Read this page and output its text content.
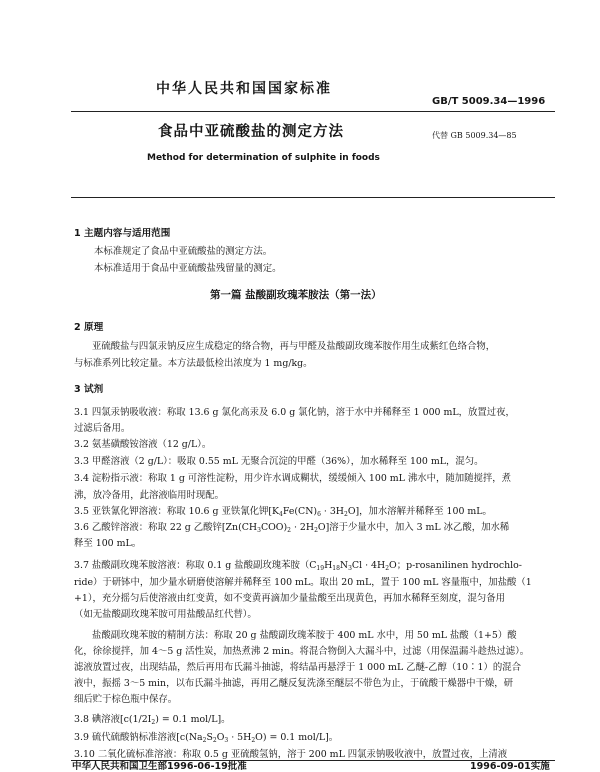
中华人民共和国国家标准
GB/T 5009.34—1996
食品中亚硫酸盐的测定方法	代替 GB 5009.34—85
Method for determination of sulphite in foods
1 主题内容与适用范围
本标准规定了食品中亚硫酸盐的测定方法。
本标准适用于食品中亚硫酸盐残留量的测定。
第一篇 盐酸副玫瑰苯胺法（第一法）
2 原理
亚硫酸盐与四氯汞钠反应生成稳定的络合物，再与甲醛及盐酸副玫瑰苯胺作用生成紫红色络合物，
与标准系列比较定量。本方法最低检出浓度为 1 mg/kg。
3 试剂
3.1 四氯汞钠吸收液：称取 13.6 g 氯化高汞及 6.0 g 氯化钠，溶于水中并稀释至 1 000 mL，放置过夜，
过滤后备用。
3.2 氨基磺酸铵溶液（12 g/L）。
3.3 甲醛溶液（2 g/L）：吸取 0.55 mL 无聚合沉淀的甲醛（36%），加水稀释至 100 mL，混匀。
3.4 淀粉指示液：称取 1 g 可溶性淀粉，用少许水调成糊状，缓缓倾入 100 mL 沸水中，随加随搅拌，煮
沸，放冷备用，此溶液临用时现配。
3.5 亚铁氰化钾溶液：称取 10.6 g 亚铁氰化钾$[K_4Fe(CN)_6 \cdot 3H_2O]$，加水溶解并稀释至 100 mL。
3.6 乙酸锌溶液：称取 22 g 乙酸锌$[Zn(CH_3COO)_2 \cdot 2H_2O]$溶于少量水中，加入 3 mL 冰乙酸，加水稀
释至 100 mL。
3.7 盐酸副玫瑰苯胺溶液：称取 0.1 g 盐酸副玫瑰苯胺（$C_{19}H_{18}N_3Cl \cdot 4H_2O$；p-rosanilinen hydrochlo-
ride）于研钵中，加少量水研磨使溶解并稀释至 100 mL。取出 20 mL，置于 100 mL 容量瓶中，加盐酸（1
+1），充分摇匀后使溶液由红变黄，如不变黄再滴加少量盐酸至出现黄色，再加水稀释至刻度，混匀备用
（如无盐酸副玫瑰苯胺可用盐酸品红代替）。
盐酸副玫瑰苯胺的精制方法：称取 20 g 盐酸副玫瑰苯胺于 400 mL 水中，用 50 mL 盐酸（1+5）酸
化，徐徐搅拌，加 4～5 g 活性炭，加热煮沸 2 min。将混合物倒入大漏斗中，过滤（用保温漏斗趁热过滤）。
滤液放置过夜，出现结晶，然后再用布氏漏斗抽滤，将结晶再悬浮于 1 000 mL 乙醚-乙醇（10∶1）的混合
液中，振摇 3～5 min，以布氏漏斗抽滤，再用乙醚反复洗涤至醚层不带色为止，于硫酸干燥器中干燥，研
细后贮于棕色瓶中保存。
3.8 碘溶液[$c(1/2I_2) = 0.1$ mol/L]。
3.9 硫代硫酸钠标准溶液[$c(Na_2S_2O_3 \cdot 5H_2O) = 0.1$ mol/L]。
3.10 二氧化硫标准溶液：称取 0.5 g 亚硫酸氢钠，溶于 200 mL 四氯汞钠吸收液中，放置过夜，上清液
中华人民共和国卫生部1996-06-19批准	1996-09-01实施
